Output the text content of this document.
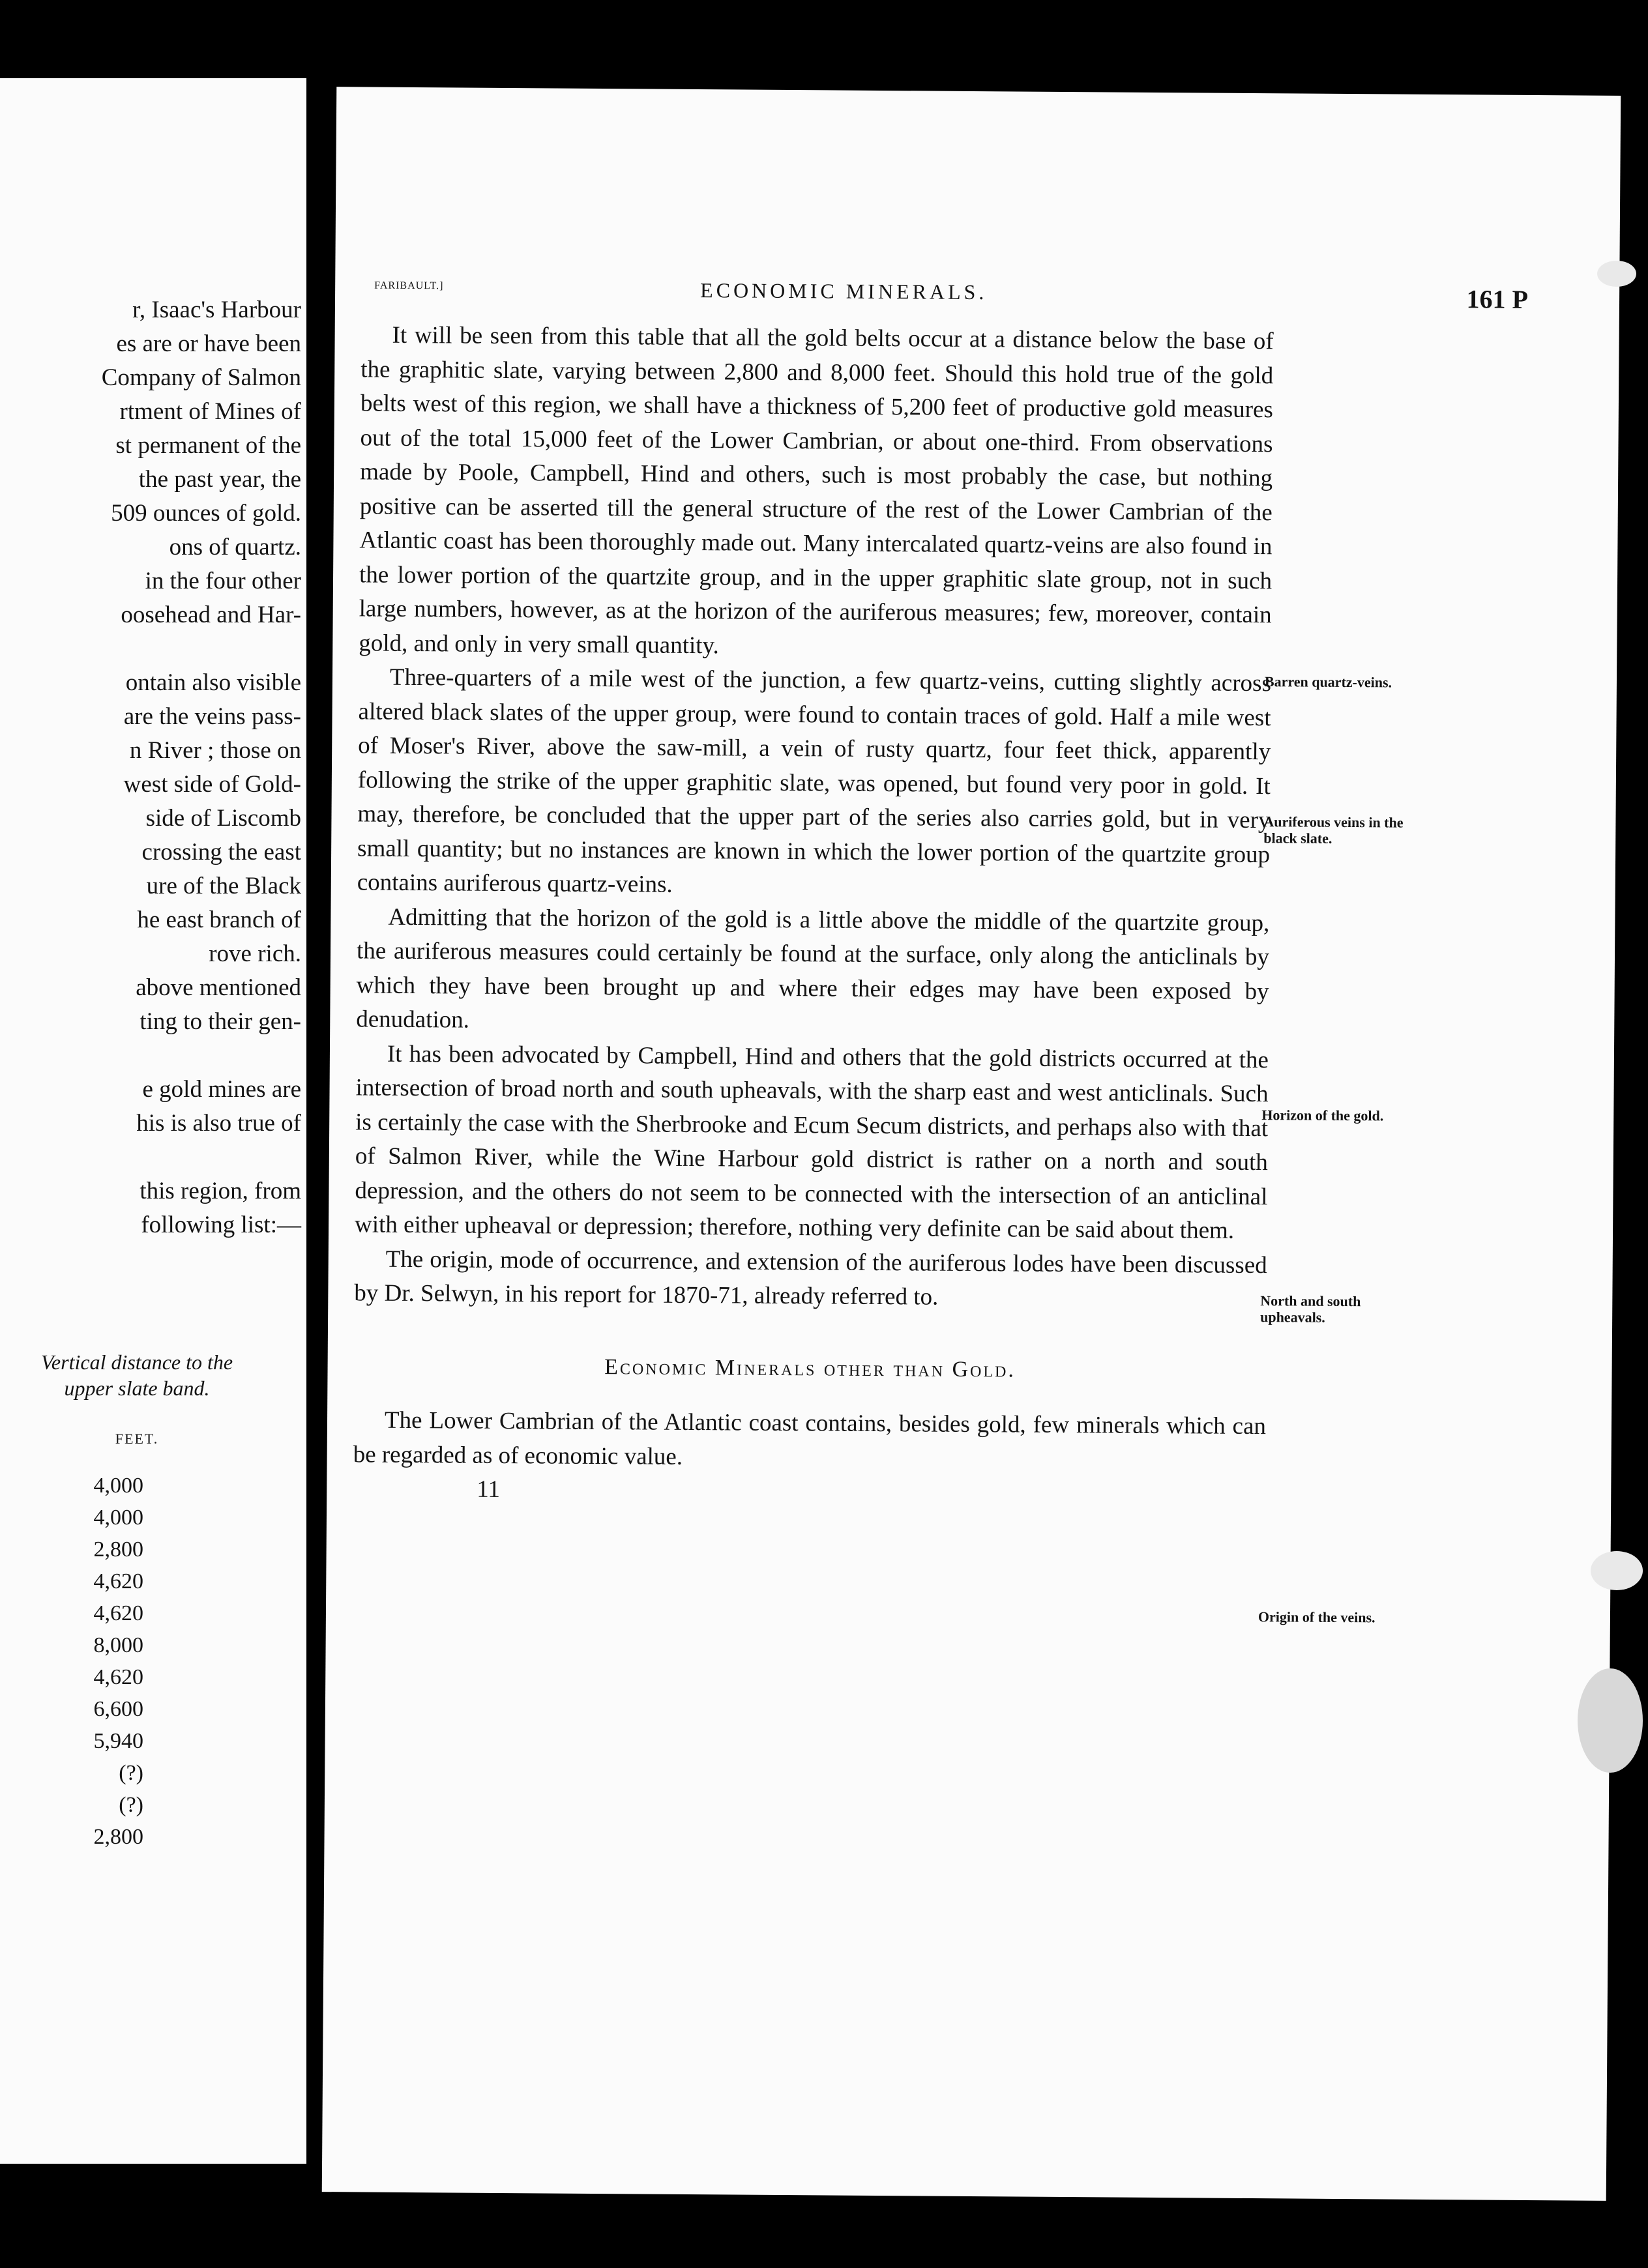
r, Isaac's Harbour
es are or have been
Company of Salmon
rtment of Mines of
st permanent of the
the past year, the
509 ounces of gold.
ons of quartz.
in the four other
oosehead and Har-
ontain also visible
are the veins pass-
n River ; those on
west side of Gold-
side of Liscomb
crossing the east
ure of the Black
he east branch of
rove rich.
above mentioned
ting to their gen-
e gold mines are
his is also true of
this region, from
following list:—
Vertical distance to the upper slate band.
FEET.
4,000
4,000
2,800
4,620
4,620
8,000
4,620
6,600
5,940
(?)
(?)
2,800
FARIBAULT.]	ECONOMIC MINERALS.	161 P

It will be seen from this table that all the gold belts occur at a distance below the base of the graphitic slate, varying between 2,800 and 8,000 feet. Should this hold true of the gold belts west of this region, we shall have a thickness of 5,200 feet of productive gold measures out of the total 15,000 feet of the Lower Cambrian, or about one-third. From observations made by Poole, Campbell, Hind and others, such is most probably the case, but nothing positive can be asserted till the general structure of the rest of the Lower Cambrian of the Atlantic coast has been thoroughly made out. Many intercalated quartz-veins are also found in the lower portion of the quartzite group, and in the upper graphitic slate group, not in such large numbers, however, as at the horizon of the auriferous measures; few, moreover, contain gold, and only in very small quantity.

Three-quarters of a mile west of the junction, a few quartz-veins, cutting slightly across altered black slates of the upper group, were found to contain traces of gold. Half a mile west of Moser's River, above the saw-mill, a vein of rusty quartz, four feet thick, apparently following the strike of the upper graphitic slate, was opened, but found very poor in gold. It may, therefore, be concluded that the upper part of the series also carries gold, but in very small quantity; but no instances are known in which the lower portion of the quartzite group contains auriferous quartz-veins.

Admitting that the horizon of the gold is a little above the middle of the quartzite group, the auriferous measures could certainly be found at the surface, only along the anticlinals by which they have been brought up and where their edges may have been exposed by denudation.

It has been advocated by Campbell, Hind and others that the gold districts occurred at the intersection of broad north and south upheavals, with the sharp east and west anticlinals. Such is certainly the case with the Sherbrooke and Ecum Secum districts, and perhaps also with that of Salmon River, while the Wine Harbour gold district is rather on a north and south depression, and the others do not seem to be connected with the intersection of an anticlinal with either upheaval or depression; therefore, nothing very definite can be said about them.

The origin, mode of occurrence, and extension of the auriferous lodes have been discussed by Dr. Selwyn, in his report for 1870-71, already referred to.

Economic Minerals other than Gold.

The Lower Cambrian of the Atlantic coast contains, besides gold, few minerals which can be regarded as of economic value.

11
Barren quartz-veins.
Auriferous veins in the black slate.
Horizon of the gold.
North and south upheavals.
Origin of the veins.
